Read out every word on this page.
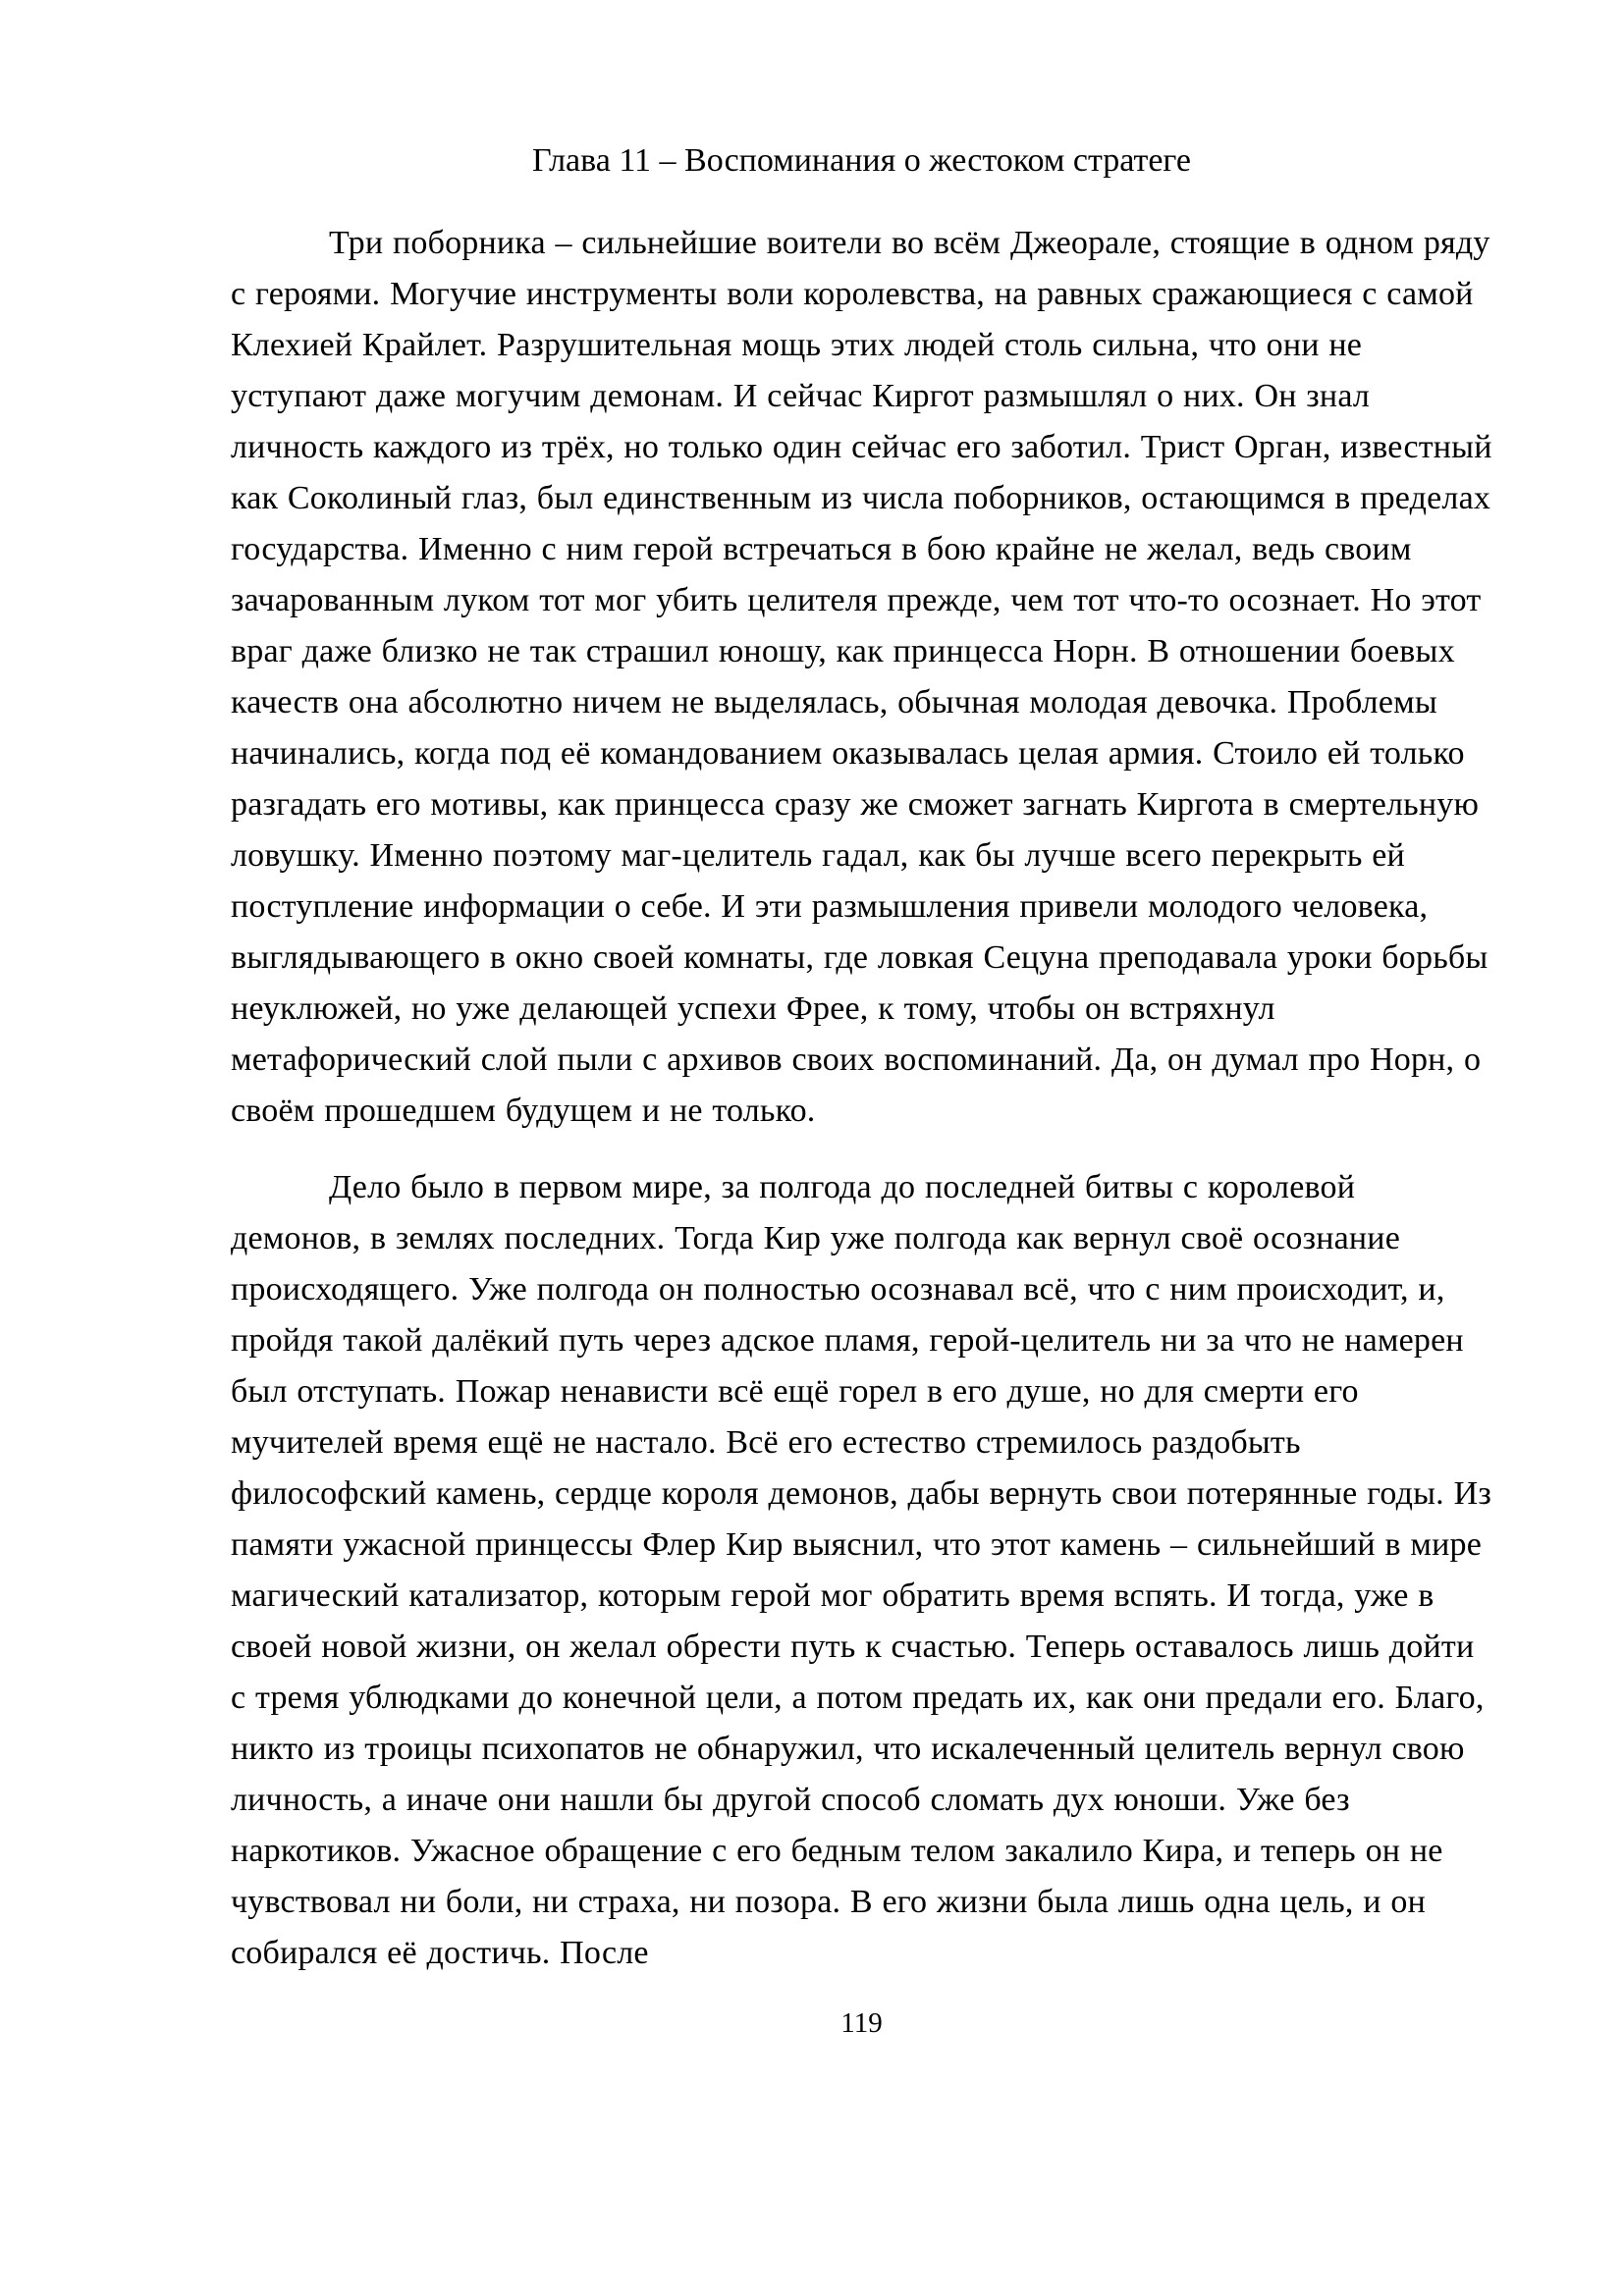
Глава 11 – Воспоминания о жестоком стратеге

Три поборника – сильнейшие воители во всём Джеорале, стоящие в одном ряду с героями. Могучие инструменты воли королевства, на равных сражающиеся с самой Клехией Крайлет. Разрушительная мощь этих людей столь сильна, что они не уступают даже могучим демонам. И сейчас Киргот размышлял о них. Он знал личность каждого из трёх, но только один сейчас его заботил. Трист Орган, известный как Соколиный глаз, был единственным из числа поборников, остающимся в пределах государства. Именно с ним герой встречаться в бою крайне не желал, ведь своим зачарованным луком тот мог убить целителя прежде, чем тот что-то осознает. Но этот враг даже близко не так страшил юношу, как принцесса Норн. В отношении боевых качеств она абсолютно ничем не выделялась, обычная молодая девочка. Проблемы начинались, когда под её командованием оказывалась целая армия. Стоило ей только разгадать его мотивы, как принцесса сразу же сможет загнать Киргота в смертельную ловушку. Именно поэтому маг-целитель гадал, как бы лучше всего перекрыть ей поступление информации о себе. И эти размышления привели молодого человека, выглядывающего в окно своей комнаты, где ловкая Сецуна преподавала уроки борьбы неуклюжей, но уже делающей успехи Фрее, к тому, чтобы он встряхнул метафорический слой пыли с архивов своих воспоминаний. Да, он думал про Норн, о своём прошедшем будущем и не только.

Дело было в первом мире, за полгода до последней битвы с королевой демонов, в землях последних. Тогда Кир уже полгода как вернул своё осознание происходящего. Уже полгода он полностью осознавал всё, что с ним происходит, и, пройдя такой далёкий путь через адское пламя, герой-целитель ни за что не намерен был отступать. Пожар ненависти всё ещё горел в его душе, но для смерти его мучителей время ещё не настало. Всё его естество стремилось раздобыть философский камень, сердце короля демонов, дабы вернуть свои потерянные годы. Из памяти ужасной принцессы Флер Кир выяснил, что этот камень – сильнейший в мире магический катализатор, которым герой мог обратить время вспять. И тогда, уже в своей новой жизни, он желал обрести путь к счастью. Теперь оставалось лишь дойти с тремя ублюдками до конечной цели, а потом предать их, как они предали его. Благо, никто из троицы психопатов не обнаружил, что искалеченный целитель вернул свою личность, а иначе они нашли бы другой способ сломать дух юноши. Уже без наркотиков. Ужасное обращение с его бедным телом закалило Кира, и теперь он не чувствовал ни боли, ни страха, ни позора. В его жизни была лишь одна цель, и он собирался её достичь. После

119
